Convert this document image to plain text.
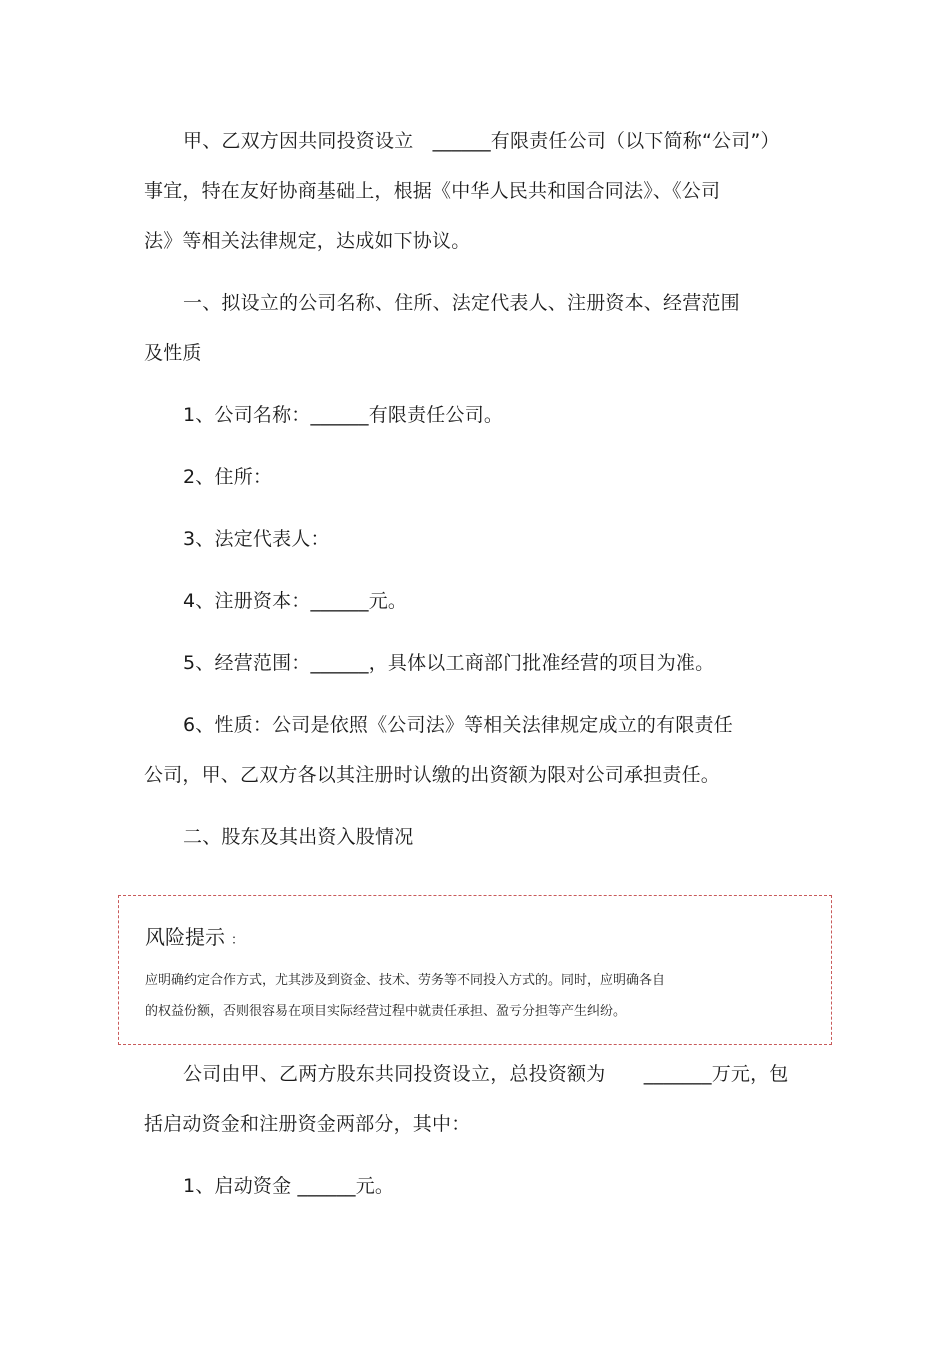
甲、乙双方因共同投资设立　______有限责任公司（以下简称“公司”）
事宜，特在友好协商基础上，根据《中华人民共和国合同法》、《公司
法》等相关法律规定，达成如下协议。
一、拟设立的公司名称、住所、法定代表人、注册资本、经营范围
及性质
1、公司名称：______有限责任公司。
2、住所：
3、法定代表人：
4、注册资本：______元。
5、经营范围：______，具体以工商部门批准经营的项目为准。
6、性质：公司是依照《公司法》等相关法律规定成立的有限责任
公司，甲、乙双方各以其注册时认缴的出资额为限对公司承担责任。
二、股东及其出资入股情况
风险提示 ：
应明确约定合作方式，尤其涉及到资金、技术、劳务等不同投入方式的。同时，应明确各自
的权益份额，否则很容易在项目实际经营过程中就责任承担、盈亏分担等产生纠纷。
公司由甲、乙两方股东共同投资设立，总投资额为　　_______万元，包
括启动资金和注册资金两部分，其中：
1、启动资金 ______元。
